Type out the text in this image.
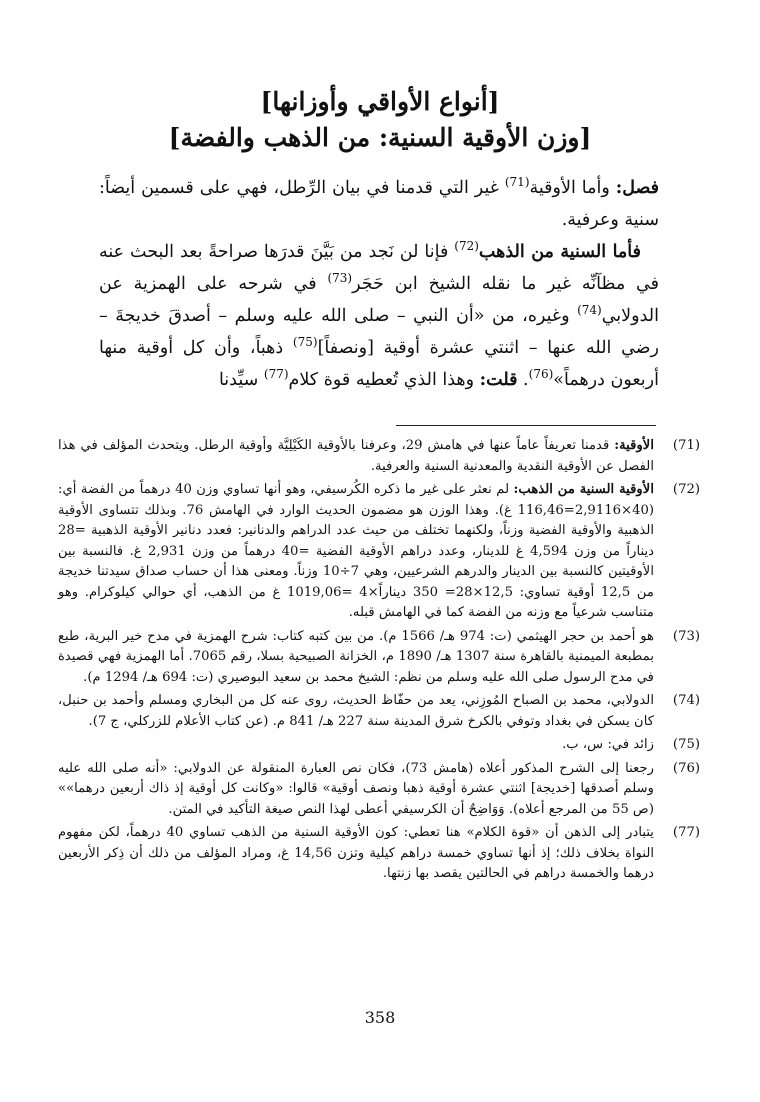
[أنواع الأواقي وأوزانها]
[وزن الأوقية السنية: من الذهب والفضة]

فصل: وأما الأوقية$^{(71)}$ غير التي قدمنا في بيان الرِّطل، فهي على قسمين أيضاً: سنية وعرفية.

فأما السنية من الذهب$^{(72)}$ فإنا لن نَجد من بَيَّنَ قدرَها صراحةً بعد البحث عنه في مظآنِّه غير ما نقله الشيخ ابن حَجَر$^{(73)}$ في شرحه على الهمزية عن الدولابي$^{(74)}$ وغيره، من «أن النبي – صلى الله عليه وسلم – أصدقَ خديجةَ – رضي الله عنها – اثنتي عشرة أوقية [ونصفاً]$^{(75)}$ ذهباً، وأن كل أوقية منها أربعون درهماً»$^{(76)}$. قلت: وهذا الذي تُعطيه قوة كلام$^{(77)}$ سيِّدنا

(71)
الأوقية: قدمنا تعريفاً عاماً عنها في هامش 29، وعرفنا بالأوقية الكَيْلِيَّة وأوقية الرطل. ويتحدث المؤلف في هذا الفصل عن الأوقية النقدية والمعدنية السنية والعرفية.
(72)
الأوقية السنية من الذهب: لم نعثر على غير ما ذكره الكُرسيفي، وهو أنها تساوي وزن 40 درهماً من الفضة أي: (40×2,9116=116,46 غ). وهذا الوزن هو مضمون الحديث الوارد في الهامش 76. وبذلك تتساوى الأوقية الذهبية والأوقية الفضية وزناً، ولكنهما تختلف من حيث عدد الدراهم والدنانير: فعدد دنانير الأوقية الذهبية =28 ديناراً من وزن 4,594 غ للدينار، وعدد دراهم الأوقية الفضية =40 درهماً من وزن 2,931 غ. فالنسبة بين الأوقيتين كالنسبة بين الدينار والدرهم الشرعيين، وهي 7÷10 وزناً. ومعنى هذا أن حساب صداق سيدتنا خديجة من 12,5 أوقية تساوي: 12,5×28= 350 ديناراً×4 =1019,06 غ من الذهب، أي حوالي كيلوكرام. وهو متناسب شرعياً مع وزنه من الفضة كما في الهامش قبله.
(73)
هو أحمد بن حجر الهيثمي (ت: 974 هـ/ 1566 م). من بين كتبه كتاب: شرح الهمزية في مدح خير البرية، طبع بمطبعة الميمنية بالقاهرة سنة 1307 هـ/ 1890 م، الخزانة الصبيحية بسلا، رقم 7065. أما الهمزية فهي قصيدة في مدح الرسول صلى الله عليه وسلم من نظم: الشيخ محمد بن سعيد البوصيري (ت: 694 هـ/ 1294 م).
(74)
الدولابي، محمد بن الصباح المُوزِني، يعد من حفّاظ الحديث، روى عنه كل من البخاري ومسلم وأحمد بن حنبل، كان يسكن في بغداد وتوفي بالكرخ شرق المدينة سنة 227 هـ/ 841 م. (عن كتاب الأعلام للزركلي، ج 7).
(75)
زائد في: س، ب.
(76)
رجعنا إلى الشرح المذكور أعلاه (هامش 73)، فكان نص العبارة المنقولة عن الدولابي: «أنه صلى الله عليه وسلم أصدقها [خديجة] اثنتي عشرة أوقية ذهبا ونصف أوقية» قالوا: «وكانت كل أوقية إذ ذاك أربعين درهما»» (ص 55 من المرجع أعلاه). وَوَاضِحٌ أن الكرسيفي أعطى لهذا النص صيغة التأكيد في المتن.
(77)
يتبادر إلى الذهن أن «قوة الكلام» هنا تعطي: كون الأوقية السنية من الذهب تساوي 40 درهماً، لكن مفهوم النواة بخلاف ذلك؛ إذ أنها تساوي خمسة دراهم كيلية وتزن 14,56 غ، ومراد المؤلف من ذلك أن ذِكر الأربعين درهما والخمسة دراهم في الحالتين يقصد بها زنتها.
358
